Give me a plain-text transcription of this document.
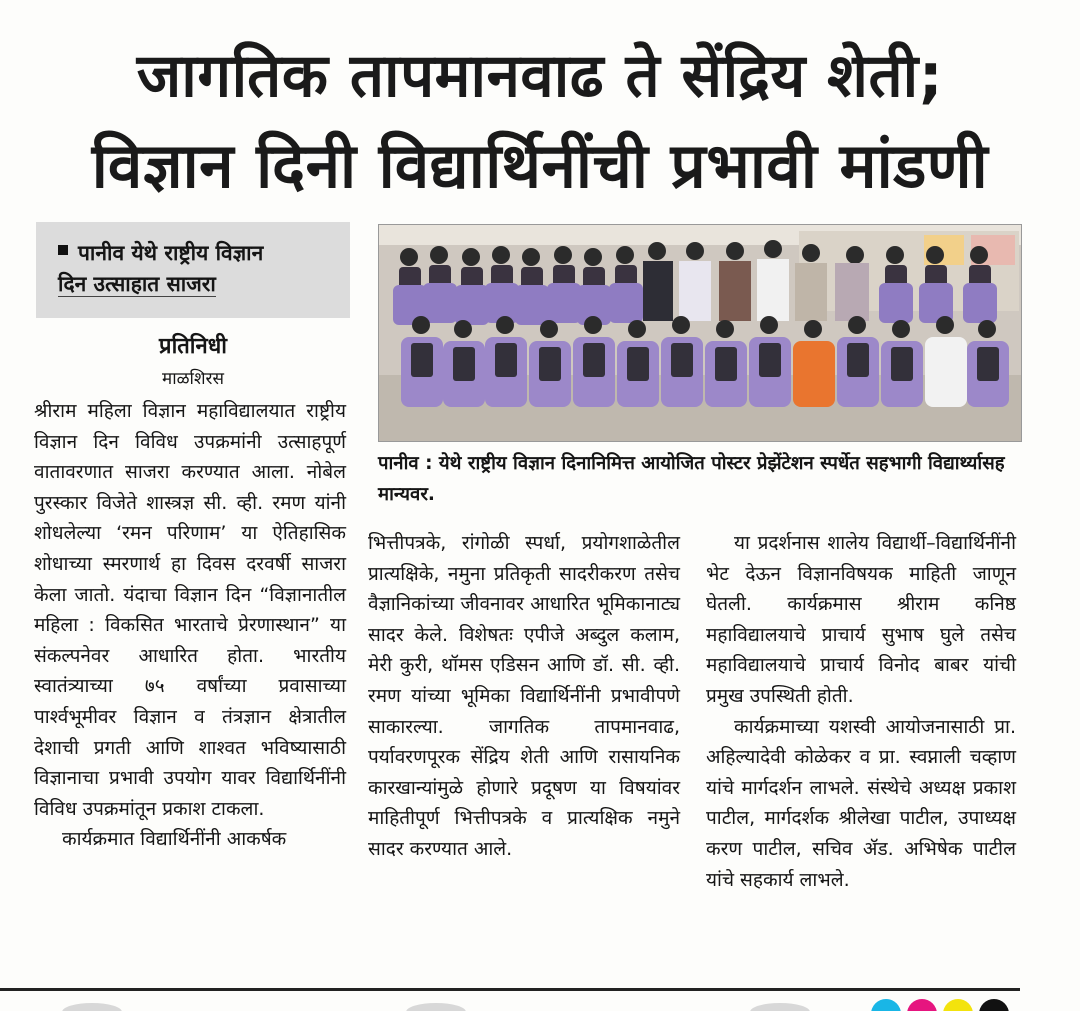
जागतिक तापमानवाढ ते सेंद्रिय शेती;
विज्ञान दिनी विद्यार्थिनींची प्रभावी मांडणी
पानीव येथे राष्ट्रीय विज्ञान
दिन उत्साहात साजरा
प्रतिनिधी
माळशिरस

श्रीराम महिला विज्ञान महाविद्यालयात राष्ट्रीय विज्ञान दिन विविध उपक्रमांनी उत्साहपूर्ण वातावरणात साजरा करण्यात आला. नोबेल पुरस्कार विजेते शास्त्रज्ञ सी. व्ही. रमण यांनी शोधलेल्या ‘रमन परिणाम’ या ऐतिहासिक शोधाच्या स्मरणार्थ हा दिवस दरवर्षी साजरा केला जातो. यंदाचा विज्ञान दिन “विज्ञानातील महिला : विकसित भारताचे प्रेरणास्थान” या संकल्पनेवर आधारित होता. भारतीय स्वातंत्र्याच्या ७५ वर्षांच्या प्रवासाच्या पार्श्वभूमीवर विज्ञान व तंत्रज्ञान क्षेत्रातील देशाची प्रगती आणि शाश्वत भविष्यासाठी विज्ञानाचा प्रभावी उपयोग यावर विद्यार्थिनींनी विविध उपक्रमांतून प्रकाश टाकला.

कार्यक्रमात विद्यार्थिनींनी आकर्षक

पानीव : येथे राष्ट्रीय विज्ञान दिनानिमित्त आयोजित पोस्टर प्रेझेंटेशन स्पर्धेत सहभागी विद्यार्थ्यासह मान्यवर.

भित्तीपत्रके, रांगोळी स्पर्धा, प्रयोगशाळेतील प्रात्यक्षिके, नमुना प्रतिकृती सादरीकरण तसेच वैज्ञानिकांच्या जीवनावर आधारित भूमिकानाट्य सादर केले. विशेषतः एपीजे अब्दुल कलाम, मेरी कुरी, थॉमस एडिसन आणि डॉ. सी. व्ही. रमण यांच्या भूमिका विद्यार्थिनींनी प्रभावीपणे साकारल्या. जागतिक तापमानवाढ, पर्यावरणपूरक सेंद्रिय शेती आणि रासायनिक कारखान्यांमुळे होणारे प्रदूषण या विषयांवर माहितीपूर्ण भित्तीपत्रके व प्रात्यक्षिक नमुने सादर करण्यात आले.

या प्रदर्शनास शालेय विद्यार्थी–विद्यार्थिनींनी भेट देऊन विज्ञानविषयक माहिती जाणून घेतली. कार्यक्रमास श्रीराम कनिष्ठ महाविद्यालयाचे प्राचार्य सुभाष घुले तसेच महाविद्यालयाचे प्राचार्य विनोद बाबर यांची प्रमुख उपस्थिती होती.

कार्यक्रमाच्या यशस्वी आयोजनासाठी प्रा. अहिल्यादेवी कोळेकर व प्रा. स्वप्नाली चव्हाण यांचे मार्गदर्शन लाभले. संस्थेचे अध्यक्ष प्रकाश पाटील, मार्गदर्शक श्रीलेखा पाटील, उपाध्यक्ष करण पाटील, सचिव ॲड. अभिषेक पाटील यांचे सहकार्य लाभले.
